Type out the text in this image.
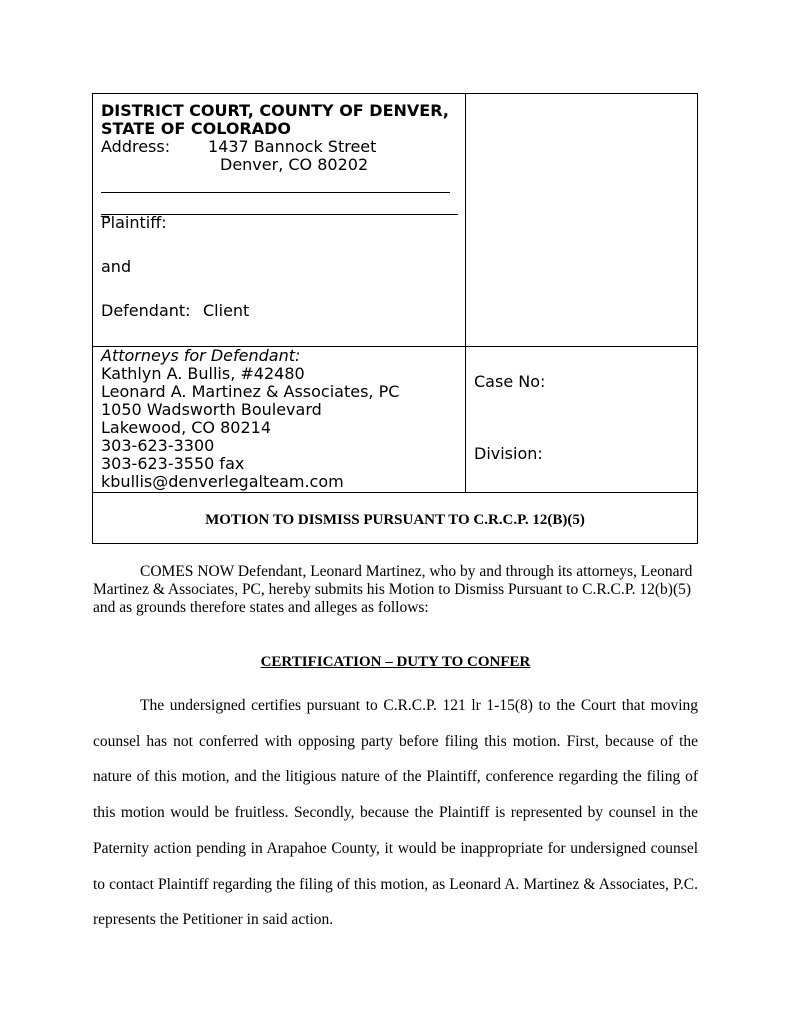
DISTRICT COURT, COUNTY OF DENVER,
STATE OF COLORADO
Address:	1437 Bannock Street
Denver, CO 80202
_
Plaintiff:
and
Defendant: Client
Attorneys for Defendant:
Kathlyn A. Bullis, #42480
Leonard A. Martinez & Associates, PC
1050 Wadsworth Boulevard
Lakewood, CO 80214
303-623-3300
303-623-3550 fax
kbullis@denverlegalteam.com
Case No:
Division:
MOTION TO DISMISS PURSUANT TO C.R.C.P. 12(B)(5)
COMES NOW Defendant, Leonard Martinez, who by and through its attorneys, Leonard Martinez & Associates, PC, hereby submits his Motion to Dismiss Pursuant to C.R.C.P. 12(b)(5) and as grounds therefore states and alleges as follows:
CERTIFICATION – DUTY TO CONFER
The undersigned certifies pursuant to C.R.C.P. 121 lr 1-15(8) to the Court that moving counsel has not conferred with opposing party before filing this motion. First, because of the nature of this motion, and the litigious nature of the Plaintiff, conference regarding the filing of this motion would be fruitless. Secondly, because the Plaintiff is represented by counsel in the Paternity action pending in Arapahoe County, it would be inappropriate for undersigned counsel to contact Plaintiff regarding the filing of this motion, as Leonard A. Martinez & Associates, P.C. represents the Petitioner in said action.
